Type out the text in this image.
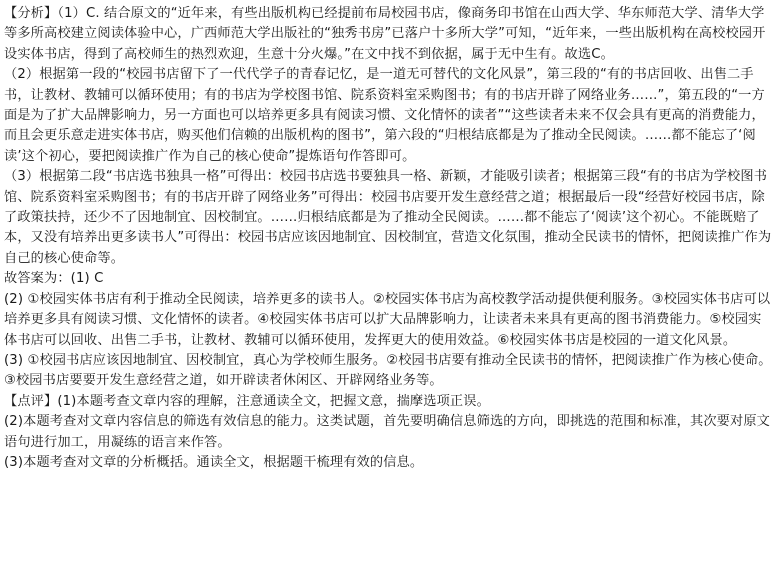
【分析】（1）C. 结合原文的“近年来，有些出版机构已经提前布局校园书店，像商务印书馆在山西大学、华东师范大学、清华大学等多所高校建立阅读体验中心，广西师范大学出版社的“独秀书房”已落户十多所大学”可知，“近年来，一些出版机构在高校校园开设实体书店，得到了高校师生的热烈欢迎，生意十分火爆。”在文中找不到依据，属于无中生有。故选C。

（2）根据第一段的“校园书店留下了一代代学子的青春记忆，是一道无可替代的文化风景”，第三段的“有的书店回收、出售二手书，让教材、教辅可以循环使用；有的书店为学校图书馆、院系资料室采购图书；有的书店开辟了网络业务……”，第五段的“一方面是为了扩大品牌影响力，另一方面也可以培养更多具有阅读习惯、文化情怀的读者”“这些读者未来不仅会具有更高的消费能力，而且会更乐意走进实体书店，购买他们信赖的出版机构的图书”，第六段的“归根结底都是为了推动全民阅读。……都不能忘了‘阅读’这个初心，要把阅读推广作为自己的核心使命”提炼语句作答即可。

（3）根据第二段“书店选书独具一格”可得出：校园书店选书要独具一格、新颖，才能吸引读者；根据第三段“有的书店为学校图书馆、院系资料室采购图书；有的书店开辟了网络业务”可得出：校园书店要开发生意经营之道；根据最后一段“经营好校园书店，除了政策扶持，还少不了因地制宜、因校制宜。……归根结底都是为了推动全民阅读。……都不能忘了‘阅读’这个初心。不能既赔了本，又没有培养出更多读书人”可得出：校园书店应该因地制宜、因校制宜，营造文化氛围，推动全民读书的情怀，把阅读推广作为自己的核心使命等。

故答案为：(1) C

(2) ①校园实体书店有利于推动全民阅读，培养更多的读书人。②校园实体书店为高校教学活动提供便利服务。③校园实体书店可以培养更多具有阅读习惯、文化情怀的读者。④校园实体书店可以扩大品牌影响力，让读者未来具有更高的图书消费能力。⑤校园实体书店可以回收、出售二手书，让教材、教辅可以循环使用，发挥更大的使用效益。⑥校园实体书店是校园的一道文化风景。

(3) ①校园书店应该因地制宜、因校制宜，真心为学校师生服务。②校园书店要有推动全民读书的情怀，把阅读推广作为核心使命。③校园书店要要开发生意经营之道，如开辟读者休闲区、开辟网络业务等。

【点评】(1)本题考查文章内容的理解，注意通读全文，把握文意，揣摩选项正误。

(2)本题考查对文章内容信息的筛选有效信息的能力。这类试题，首先要明确信息筛选的方向，即挑选的范围和标准，其次要对原文语句进行加工，用凝练的语言来作答。

(3)本题考查对文章的分析概括。通读全文，根据题干梳理有效的信息。
